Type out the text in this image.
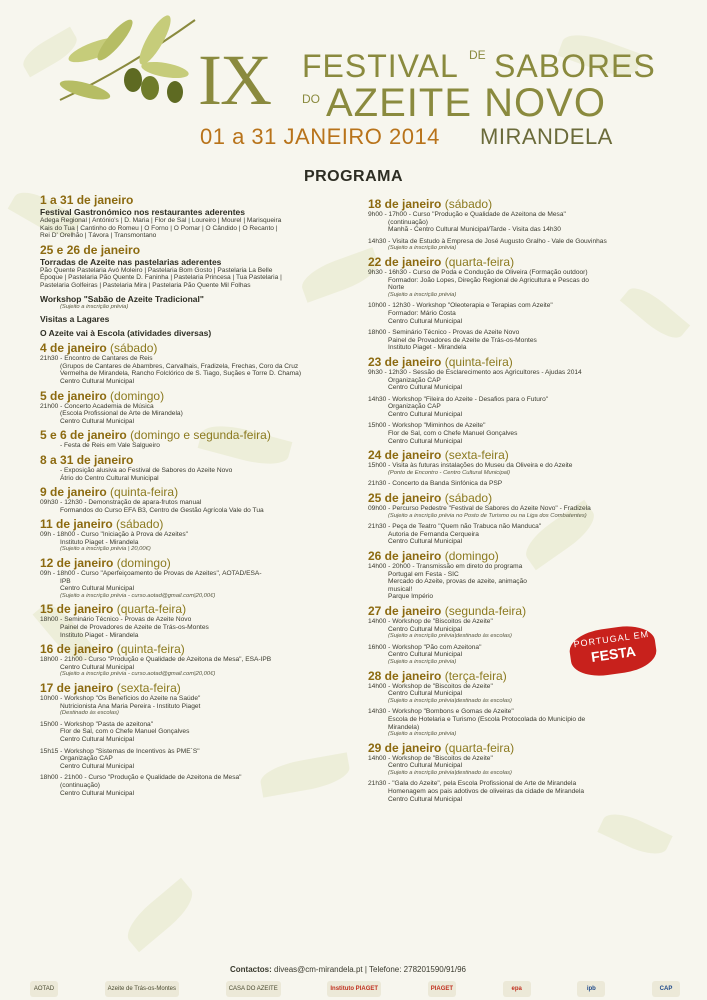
IX FESTIVAL DE SABORES
DO AZEITE NOVO
01 a 31 JANEIRO 2014 MIRANDELA
PROGRAMA
1 a 31 de janeiro
Festival Gastronómico nos restaurantes aderentes
Adega Regional | António's | D. Maria | Flor de Sal | Loureiro | Mourel | Marisqueira
Kais do Tua | Cantinho do Romeu | O Forno | O Pomar | O Cândido | O Recanto |
Rei D' Orelhão | Távora | Transmontano
25 e 26 de janeiro
Torradas de Azeite nas pastelarias aderentes
Pão Quente Pastelaria Avó Moleiro | Pastelaria Bom Gosto | Pastelaria La Belle
Époque | Pastelaria Pão Quente D. Faninha | Pastelaria Princesa | Tua Pastelaria |
Pastelaria Golfeiras | Pastelaria Mira | Pastelaria Pão Quente Mil Folhas
Workshop "Sabão de Azeite Tradicional"
(Sujeito a inscrição prévia)
Visitas a Lagares
O Azeite vai à Escola (atividades diversas)
4 de janeiro (sábado)
21h30 - Encontro de Cantares de Reis
(Grupos de Cantares de Abambres, Carvalhais, Fradizela, Frechas, Coro da Cruz
Vermelha de Mirandela, Rancho Folclórico de S. Tiago, Suçães e Torre D. Chama)
Centro Cultural Municipal
5 de janeiro (domingo)
21h00 - Concerto Academia de Música
(Escola Profissional de Arte de Mirandela)
Centro Cultural Municipal
5 e 6 de janeiro (domingo e segunda-feira)
- Festa de Reis em Vale Salgueiro
8 a 31 de janeiro
- Exposição alusiva ao Festival de Sabores do Azeite Novo
Átrio do Centro Cultural Municipal
9 de janeiro (quinta-feira)
09h30 - 12h30 - Demonstração de apara-frutos manual
Formandos do Curso EFA B3, Centro de Gestão Agrícola Vale do Tua
11 de janeiro (sábado)
09h - 18h00 - Curso "Iniciação à Prova de Azeites"
Instituto Piaget - Mirandela
(Sujeito a inscrição prévia | 20,00€)
12 de janeiro (domingo)
09h - 18h00 - Curso "Aperfeiçoamento de Provas de Azeites", AOTAD/ESA-
IPB
Centro Cultural Municipal
(Sujeito a inscrição prévia - curso.aotad@gmail.com|20,00€)
15 de janeiro (quarta-feira)
18h00 - Seminário Técnico - Provas de Azeite Novo
Painel de Provadores de Azeite de Trás-os-Montes
Instituto Piaget - Mirandela
16 de janeiro (quinta-feira)
18h00 - 21h00 - Curso "Produção e Qualidade de Azeitona de Mesa", ESA-IPB
Centro Cultural Municipal
(Sujeito a inscrição prévia - curso.aotad@gmail.com|20,00€)
17 de janeiro (sexta-feira)
10h00 - Workshop "Os Benefícios do Azeite na Saúde"
Nutricionista Ana Maria Pereira - Instituto Piaget
(Destinado às escolas)
15h00 - Workshop "Pasta de azeitona"
Flor de Sal, com o Chefe Manuel Gonçalves
Centro Cultural Municipal
15h15 - Workshop "Sistemas de Incentivos às PME´S"
Organização CAP
Centro Cultural Municipal
18h00 - 21h00 - Curso "Produção e Qualidade de Azeitona de Mesa"
(continuação)
Centro Cultural Municipal
18 de janeiro (sábado)
9h00 - 17h00 - Curso "Produção e Qualidade de Azeitona de Mesa"
(continuação)
Manhã - Centro Cultural Municipal/Tarde - Visita das 14h30
14h30 - Visita de Estudo à Empresa de José Augusto Gralho - Vale de Gouvinhas
(Sujeito a inscrição prévia)
22 de janeiro (quarta-feira)
9h30 - 16h30 - Curso de Poda e Condução de Oliveira (Formação outdoor)
Formador: João Lopes, Direção Regional de Agricultura e Pescas do
Norte
(Sujeito a inscrição prévia)
10h00 - 12h30 - Workshop "Oleoterapia e Terapias com Azeite"
Formador: Mário Costa
Centro Cultural Municipal
18h00 - Seminário Técnico - Provas de Azeite Novo
Painel de Provadores de Azeite de Trás-os-Montes
Instituto Piaget - Mirandela
23 de janeiro (quinta-feira)
9h30 - 12h30 - Sessão de Esclarecimento aos Agricultores - Ajudas 2014
Organização CAP
Centro Cultural Municipal
14h30 - Workshop "Fileira do Azeite - Desafios para o Futuro"
Organização CAP
Centro Cultural Municipal
15h00 - Workshop "Miminhos de Azeite"
Flor de Sal, com o Chefe Manuel Gonçalves
Centro Cultural Municipal
24 de janeiro (sexta-feira)
15h00 - Visita às futuras instalações do Museu da Oliveira e do Azeite
(Ponto de Encontro - Centro Cultural Municipal)
21h30 - Concerto da Banda Sinfónica da PSP
25 de janeiro (sábado)
09h00 - Percurso Pedestre "Festival de Sabores do Azeite Novo" - Fradizela
(Sujeito a inscrição prévia no Posto de Turismo ou na Liga dos Combatentes)
21h30 - Peça de Teatro "Quem não Trabuca não Manduca"
Autoria de Fernanda Cerqueira
Centro Cultural Municipal
26 de janeiro (domingo)
14h00 - 20h00 - Transmissão em direto do programa
Portugal em Festa - SIC
Mercado do Azeite, provas de azeite, animação
musical!
Parque Império
27 de janeiro (segunda-feira)
14h00 - Workshop de "Biscoitos de Azeite"
Centro Cultural Municipal
(Sujeito a inscrição prévia|destinado às escolas)
16h00 - Workshop "Pão com Azeitona"
Centro Cultural Municipal
(Sujeito a inscrição prévia)
28 de janeiro (terça-feira)
14h00 - Workshop de "Biscoitos de Azeite"
Centro Cultural Municipal
(Sujeito a inscrição prévia|destinado às escolas)
14h30 - Workshop "Bombons e Gomas de Azeite"
Escola de Hotelaria e Turismo (Escola Protocolada do Município de
Mirandela)
(Sujeito a inscrição prévia)
29 de janeiro (quarta-feira)
14h00 - Workshop de "Biscoitos de Azeite"
Centro Cultural Municipal
(Sujeito a inscrição prévia|destinado às escolas)
21h30 - "Gala do Azeite", pela Escola Profissional de Arte de Mirandela
Homenagem aos pais adotivos de oliveiras da cidade de Mirandela
Centro Cultural Municipal
PORTUGAL EM
FESTA
Contactos: diveas@cm-mirandela.pt | Telefone: 278201590/91/96
AOTAD	Azeite de Trás-os-Montes	CASA DO AZEITE	Instituto PIAGET	PIAGET	epa	ipb	CAP
